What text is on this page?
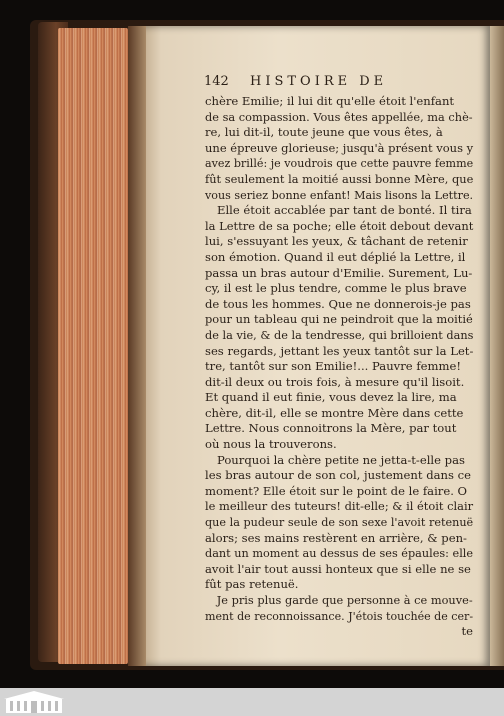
142 HISTOIRE DE
chère Emilie; il lui dit qu'elle étoit l'enfant
de sa compassion. Vous êtes appellée, ma chè-
re, lui dit-il, toute jeune que vous êtes, à
une épreuve glorieuse; jusqu'à présent vous y
avez brillé: je voudrois que cette pauvre femme
fût seulement la moitié aussi bonne Mère, que
vous seriez bonne enfant! Mais lisons la Lettre.
Elle étoit accablée par tant de bonté. Il tira
la Lettre de sa poche; elle étoit debout devant
lui, s'essuyant les yeux, & tâchant de retenir
son émotion. Quand il eut déplié la Lettre, il
passa un bras autour d'Emilie. Surement, Lu-
cy, il est le plus tendre, comme le plus brave
de tous les hommes. Que ne donnerois-je pas
pour un tableau qui ne peindroit que la moitié
de la vie, & de la tendresse, qui brilloient dans
ses regards, jettant les yeux tantôt sur la Let-
tre, tantôt sur son Emilie!... Pauvre femme!
dit-il deux ou trois fois, à mesure qu'il lisoit.
Et quand il eut finie, vous devez la lire, ma
chère, dit-il, elle se montre Mère dans cette
Lettre. Nous connoitrons la Mère, par tout
où nous la trouverons.
Pourquoi la chère petite ne jetta-t-elle pas
les bras autour de son col, justement dans ce
moment? Elle étoit sur le point de le faire. O
le meilleur des tuteurs! dit-elle; & il étoit clair
que la pudeur seule de son sexe l'avoit retenuë
alors; ses mains restèrent en arrière, & pen-
dant un moment au dessus de ses épaules: elle
avoit l'air tout aussi honteux que si elle ne se
fût pas retenuë.
Je pris plus garde que personne à ce mouve-
ment de reconnoissance. J'étois touchée de cer-
te
